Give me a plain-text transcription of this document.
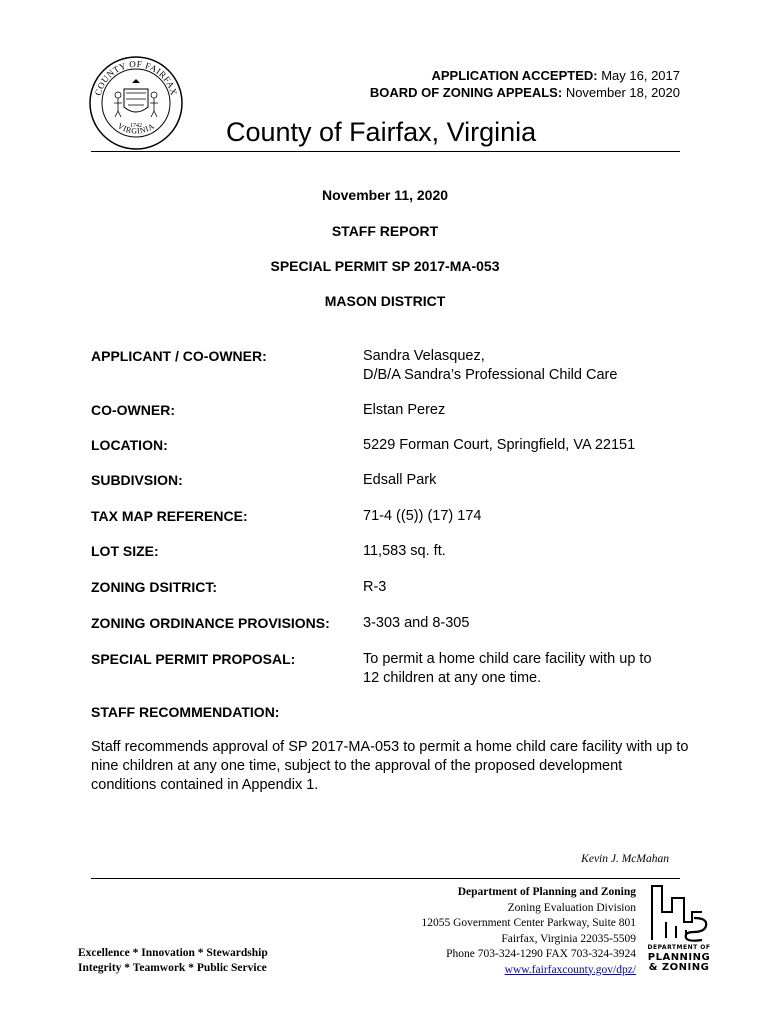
COUNTY OF FAIRFAX
VIRGINIA
1742
APPLICATION ACCEPTED: May 16, 2017
BOARD OF ZONING APPEALS: November 18, 2020
County of Fairfax, Virginia
November 11, 2020
STAFF REPORT
SPECIAL PERMIT SP 2017-MA-053
MASON DISTRICT
APPLICANT / CO-OWNER:	Sandra Velasquez,
D/B/A Sandra’s Professional Child Care
CO-OWNER:	Elstan Perez
LOCATION:	5229 Forman Court, Springfield, VA 22151
SUBDIVSION:	Edsall Park
TAX MAP REFERENCE:	71-4 ((5)) (17) 174
LOT SIZE:	11,583 sq. ft.
ZONING DSITRICT:	R-3
ZONING ORDINANCE PROVISIONS: 3-303 and 8-305
SPECIAL PERMIT PROPOSAL:	To permit a home child care facility with up to
12 children at any one time.
STAFF RECOMMENDATION:
Staff recommends approval of SP 2017-MA-053 to permit a home child care facility with up to nine children at any one time, subject to the approval of the proposed development conditions contained in Appendix 1.
Kevin J. McMahan
Excellence * Innovation * Stewardship
Integrity * Teamwork * Public Service
Department of Planning and Zoning
Zoning Evaluation Division
12055 Government Center Parkway, Suite 801
Fairfax, Virginia 22035-5509
Phone 703-324-1290 FAX 703-324-3924
www.fairfaxcounty.gov/dpz/
DEPARTMENT OF
PLANNING
& ZONING
